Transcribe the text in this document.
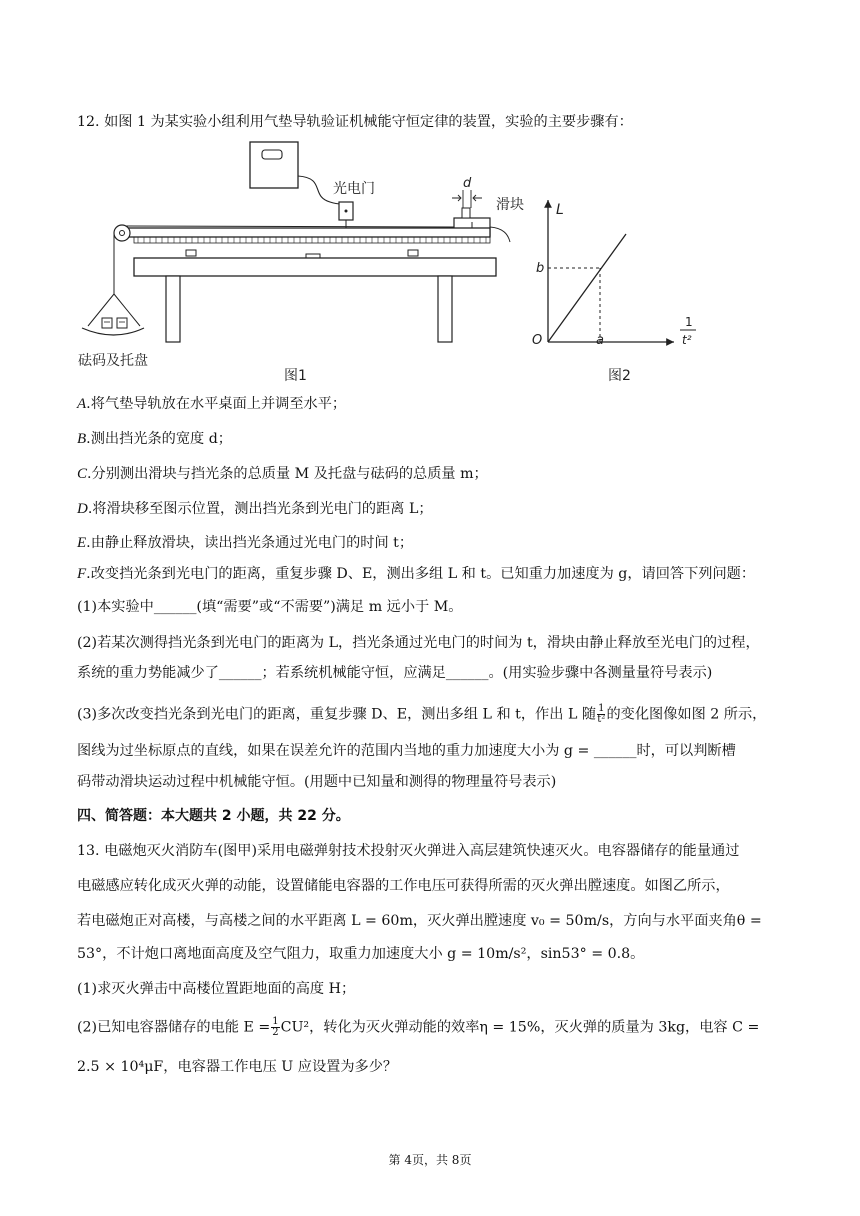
12. 如图 1 为某实验小组利用气垫导轨验证机械能守恒定律的装置，实验的主要步骤有：
光电门	d
滑块
砝码及托盘
图1
L
b
O	a
1
t²
图2
A.将气垫导轨放在水平桌面上并调至水平；
B.测出挡光条的宽度 d；
C.分别测出滑块与挡光条的总质量 M 及托盘与砝码的总质量 m；
D.将滑块移至图示位置，测出挡光条到光电门的距离 L；
E.由静止释放滑块，读出挡光条通过光电门的时间 t；
F.改变挡光条到光电门的距离，重复步骤 D、E，测出多组 L 和 t。已知重力加速度为 g，请回答下列问题：
(1)本实验中______(填“需要”或“不需要”)满足 m 远小于 M。
(2)若某次测得挡光条到光电门的距离为 L，挡光条通过光电门的时间为 t，滑块由静止释放至光电门的过程，
系统的重力势能减少了______；若系统机械能守恒，应满足______。(用实验步骤中各测量量符号表示)
(3)多次改变挡光条到光电门的距离，重复步骤 D、E，测出多组 L 和 t，作出 L 随 $\frac{1}{\text{t²}}$ 的变化图像如图 2 所示，
图线为过坐标原点的直线，如果在误差允许的范围内当地的重力加速度大小为 g = ______时，可以判断槽
码带动滑块运动过程中机械能守恒。(用题中已知量和测得的物理量符号表示)
四、简答题：本大题共 2 小题，共 22 分。
13. 电磁炮灭火消防车(图甲)采用电磁弹射技术投射灭火弹进入高层建筑快速灭火。电容器储存的能量通过
电磁感应转化成灭火弹的动能，设置储能电容器的工作电压可获得所需的灭火弹出膛速度。如图乙所示，
若电磁炮正对高楼，与高楼之间的水平距离 L = 60m，灭火弹出膛速度 v₀ = 50m/s，方向与水平面夹角θ =
53°，不计炮口离地面高度及空气阻力，取重力加速度大小 g = 10m/s²，sin53° = 0.8。
(1)求灭火弹击中高楼位置距地面的高度 H；
(2)已知电容器储存的电能 $E = \frac{1}{2} CU^2$，转化为灭火弹动能的效率η = 15%，灭火弹的质量为 3kg，电容 C =
2.5 × 10⁴μF，电容器工作电压 U 应设置为多少？
第 4页，共 8页
